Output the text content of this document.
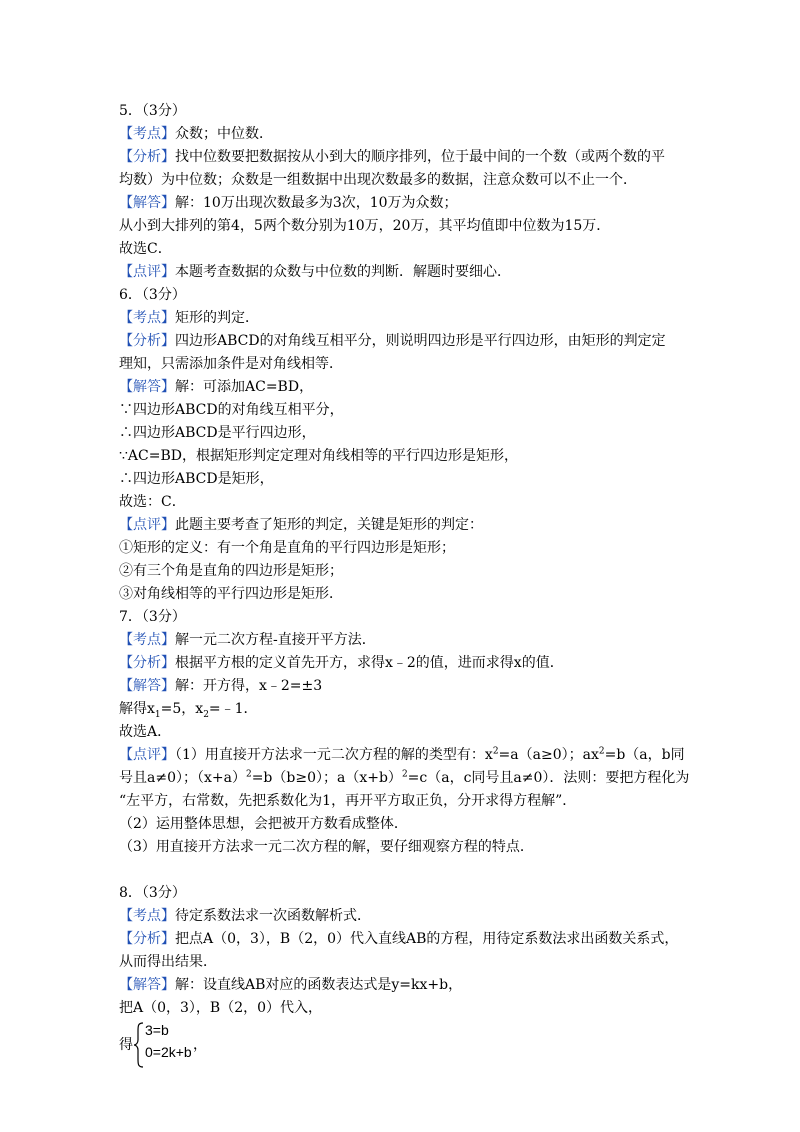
5．（3分）
【考点】众数；中位数．
【分析】找中位数要把数据按从小到大的顺序排列，位于最中间的一个数（或两个数的平
均数）为中位数；众数是一组数据中出现次数最多的数据，注意众数可以不止一个．
【解答】解：10万出现次数最多为3次，10万为众数；
从小到大排列的第4，5两个数分别为10万，20万，其平均值即中位数为15万．
故选C．
【点评】本题考查数据的众数与中位数的判断．解题时要细心．
6．（3分）
【考点】矩形的判定．
【分析】四边形ABCD的对角线互相平分，则说明四边形是平行四边形，由矩形的判定定
理知，只需添加条件是对角线相等．
【解答】解：可添加AC=BD，
∵四边形ABCD的对角线互相平分，
∴四边形ABCD是平行四边形，
∵AC=BD，根据矩形判定定理对角线相等的平行四边形是矩形，
∴四边形ABCD是矩形，
故选：C．
【点评】此题主要考查了矩形的判定，关键是矩形的判定：
①矩形的定义：有一个角是直角的平行四边形是矩形；
②有三个角是直角的四边形是矩形；
③对角线相等的平行四边形是矩形．
7．（3分）
【考点】解一元二次方程-直接开平方法．
【分析】根据平方根的定义首先开方，求得x﹣2的值，进而求得x的值．
【解答】解：开方得，x﹣2=±3
解得$x_1=5$，$x_2=﹣1$．
故选A．
【点评】（1）用直接开方法求一元二次方程的解的类型有：$x^2=a(a\ge 0)$；$ax^2=b(a$，b同
号且a≠0）；$(x+a)^2=b(b\ge 0)$；$a(x+b)^2=c(a$，c同号且a≠0）．法则：要把方程化为
“左平方，右常数，先把系数化为1，再开平方取正负，分开求得方程解”．
（2）运用整体思想，会把被开方数看成整体．
（3）用直接开方法求一元二次方程的解，要仔细观察方程的特点．
8．（3分）
【考点】待定系数法求一次函数解析式．
【分析】把点A（0，3），B（2，0）代入直线AB的方程，用待定系数法求出函数关系式，
从而得出结果．
【解答】解：设直线AB对应的函数表达式是y=kx+b，
把A（0，3），B（2，0）代入，
得
3=b
0=2k+b ，
